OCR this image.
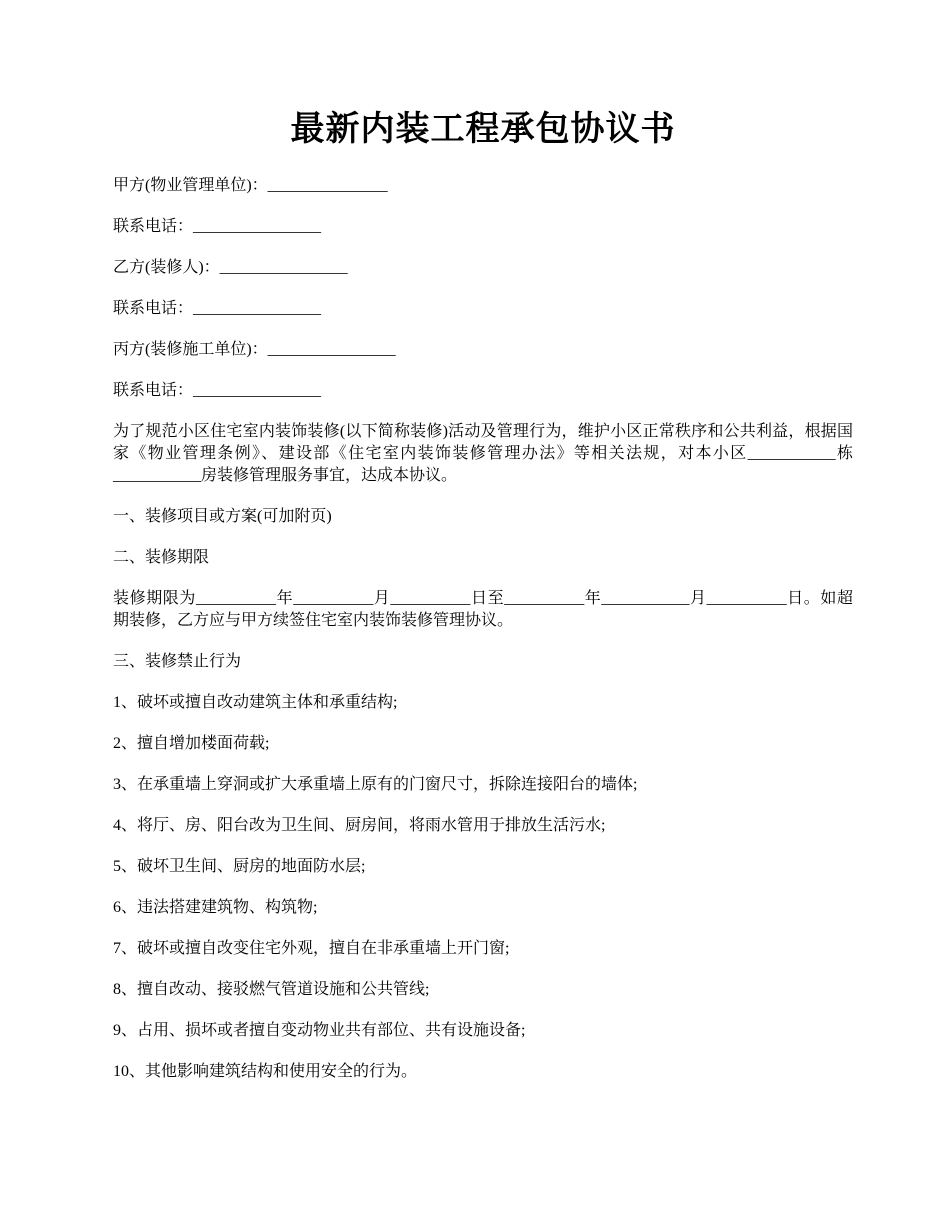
最新内装工程承包协议书

甲方(物业管理单位)：_______________

联系电话：________________

乙方(装修人)：________________

联系电话：________________

丙方(装修施工单位)：________________

联系电话：________________

为了规范小区住宅室内装饰装修(以下简称装修)活动及管理行为，维护小区正常秩序和公共利益，根据国家《物业管理条例》、建设部《住宅室内装饰装修管理办法》等相关法规，对本小区___________栋___________房装修管理服务事宜，达成本协议。

一、装修项目或方案(可加附页)

二、装修期限

装修期限为__________年__________月__________日至__________年___________月__________日。如超期装修，乙方应与甲方续签住宅室内装饰装修管理协议。

三、装修禁止行为

1、破坏或擅自改动建筑主体和承重结构;

2、擅自增加楼面荷载;

3、在承重墙上穿洞或扩大承重墙上原有的门窗尺寸，拆除连接阳台的墙体;

4、将厅、房、阳台改为卫生间、厨房间，将雨水管用于排放生活污水;

5、破坏卫生间、厨房的地面防水层;

6、违法搭建建筑物、构筑物;

7、破坏或擅自改变住宅外观，擅自在非承重墙上开门窗;

8、擅自改动、接驳燃气管道设施和公共管线;

9、占用、损坏或者擅自变动物业共有部位、共有设施设备;

10、其他影响建筑结构和使用安全的行为。
